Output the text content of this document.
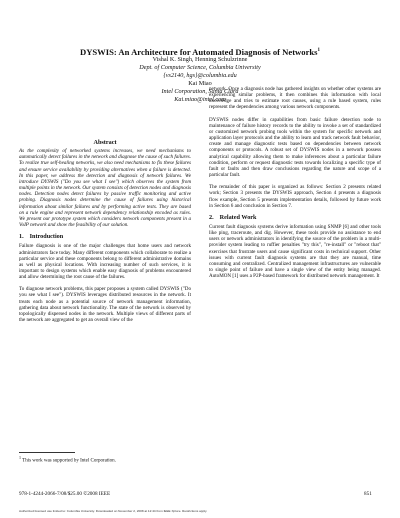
DYSWIS: An Architecture for Automated Diagnosis of Networks$^1$
Vishal K. Singh, Henning Schulzrinne
Dept. of Computer Science, Columbia University
{vs2140, hgs}@columbia.edu
Kai Miao
Intel Corporation, Santa Clara
Kai.miao@intel.com
Abstract

As the complexity of networked systems increases, we need mechanisms to automatically detect failures in the network and diagnose the cause of such failures. To realize true self-healing networks, we also need mechanisms to fix these failures and ensure service availability by providing alternatives when a failure is detected. In this paper, we address the detection and diagnosis of network failures. We introduce DYSWIS ("Do you see what I see") which observes the system from multiple points in the network. Our system consists of detection nodes and diagnosis nodes. Detection nodes detect failures by passive traffic monitoring and active probing. Diagnosis nodes determine the cause of failures using historical information about similar failures and by performing active tests. They are based on a rule engine and represent network dependency relationship encoded as rules. We present our prototype system which considers network components present in a VoIP network and show the feasibility of our solution.

1. Introduction

Failure diagnosis is one of the major challenges that home users and network administrators face today. Many different components which collaborate to realize a particular service and these components belong to different administrative domains as well as physical locations. With increasing number of such services, it is important to design systems which enable easy diagnosis of problems encountered and allow determining the root cause of the failures.

To diagnose network problems, this paper proposes a system called DYSWIS ("Do you see what I see"). DYSWIS leverages distributed resources in the network. It treats each node as a potential source of network management information, gathering data about network functionality. The state of the network is observed by topologically dispersed nodes in the network. Multiple views of different parts of the network are aggregated to get an overall view of the

network. Once a diagnosis node has gathered insights on whether other systems are experiencing similar problems, it then combines this information with local knowledge and tries to estimate root causes, using a rule based system, rules represent the dependencies among various network components.

DYSWIS nodes differ in capabilities from basic failure detection node to maintenance of failure history records to the ability to invoke a set of standardized or customized network probing tools within the system for specific network and application layer protocols and the ability to learn and track network fault behavior, create and manage diagnostic tests based on dependencies between network components or protocols. A robust set of DYSWIS nodes in a network possess analytical capability allowing them to make inferences about a particular failure condition, perform or request diagnostic tests towards localizing a specific type of fault or faults and then draw conclusions regarding the nature and scope of a particular fault.

The remainder of this paper is organized as follows: Section 2 presents related work; Section 3 presents the DYSWIS approach, Section 4 presents a diagnosis flow example, Section 5 presents implementation details, followed by future work in Section 6 and conclusion in Section 7.

2. Related Work

Current fault diagnosis systems derive information using SNMP [6] and other tools like ping, traceroute, and dig. However, these tools provide no assistance to end users or network administrators in identifying the source of the problem in a multi-provider system leading to ruffier penalties "try this", "re-install" or "reboot that" exercises that frustrate users and cause significant costs in technical support. Other issues with current fault diagnosis systems are that they are manual, time consuming and centralized. Centralized management infrastructures are vulnerable to single point of failure and have a single view of the entity being managed. AutoMON [1] uses a P2P-based framework for distributed network management. It

$^1$ This work was supported by Intel Corporation.
978-1-4244-2066-7/08/$25.00 ©2008 IEEE	851
Authorized licensed use limited to: Columbia University. Downloaded on November 2, 2008 at 12:44 from IEEE Xplore. Restrictions apply.
